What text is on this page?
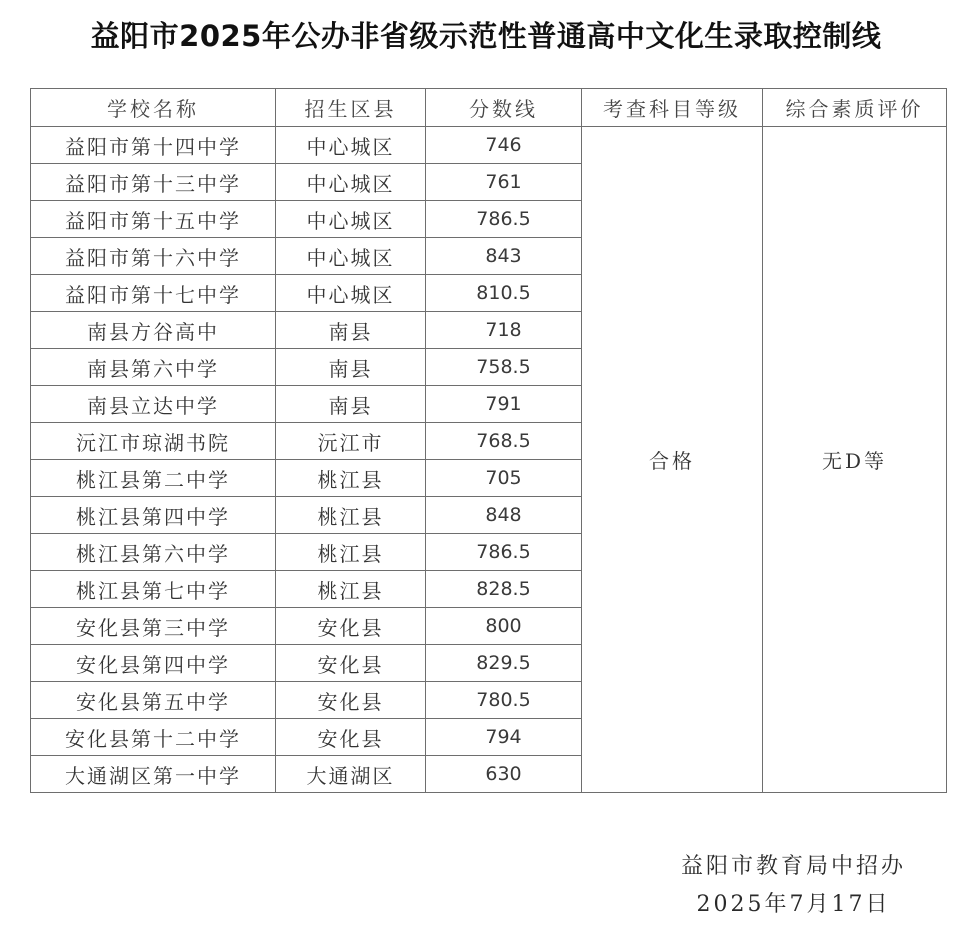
益阳市2025年公办非省级示范性普通高中文化生录取控制线
学校名称	招生区县	分数线	考查科目等级	综合素质评价
益阳市第十四中学	中心城区	746	合格	无D等
益阳市第十三中学	中心城区	761		
益阳市第十五中学	中心城区	786.5		
益阳市第十六中学	中心城区	843		
益阳市第十七中学	中心城区	810.5		
南县方谷高中	南县	718		
南县第六中学	南县	758.5		
南县立达中学	南县	791		
沅江市琼湖书院	沅江市	768.5		
桃江县第二中学	桃江县	705		
桃江县第四中学	桃江县	848		
桃江县第六中学	桃江县	786.5		
桃江县第七中学	桃江县	828.5		
安化县第三中学	安化县	800		
安化县第四中学	安化县	829.5		
安化县第五中学	安化县	780.5		
安化县第十二中学	安化县	794		
大通湖区第一中学	大通湖区	630		
益阳市教育局中招办
2025年7月17日
